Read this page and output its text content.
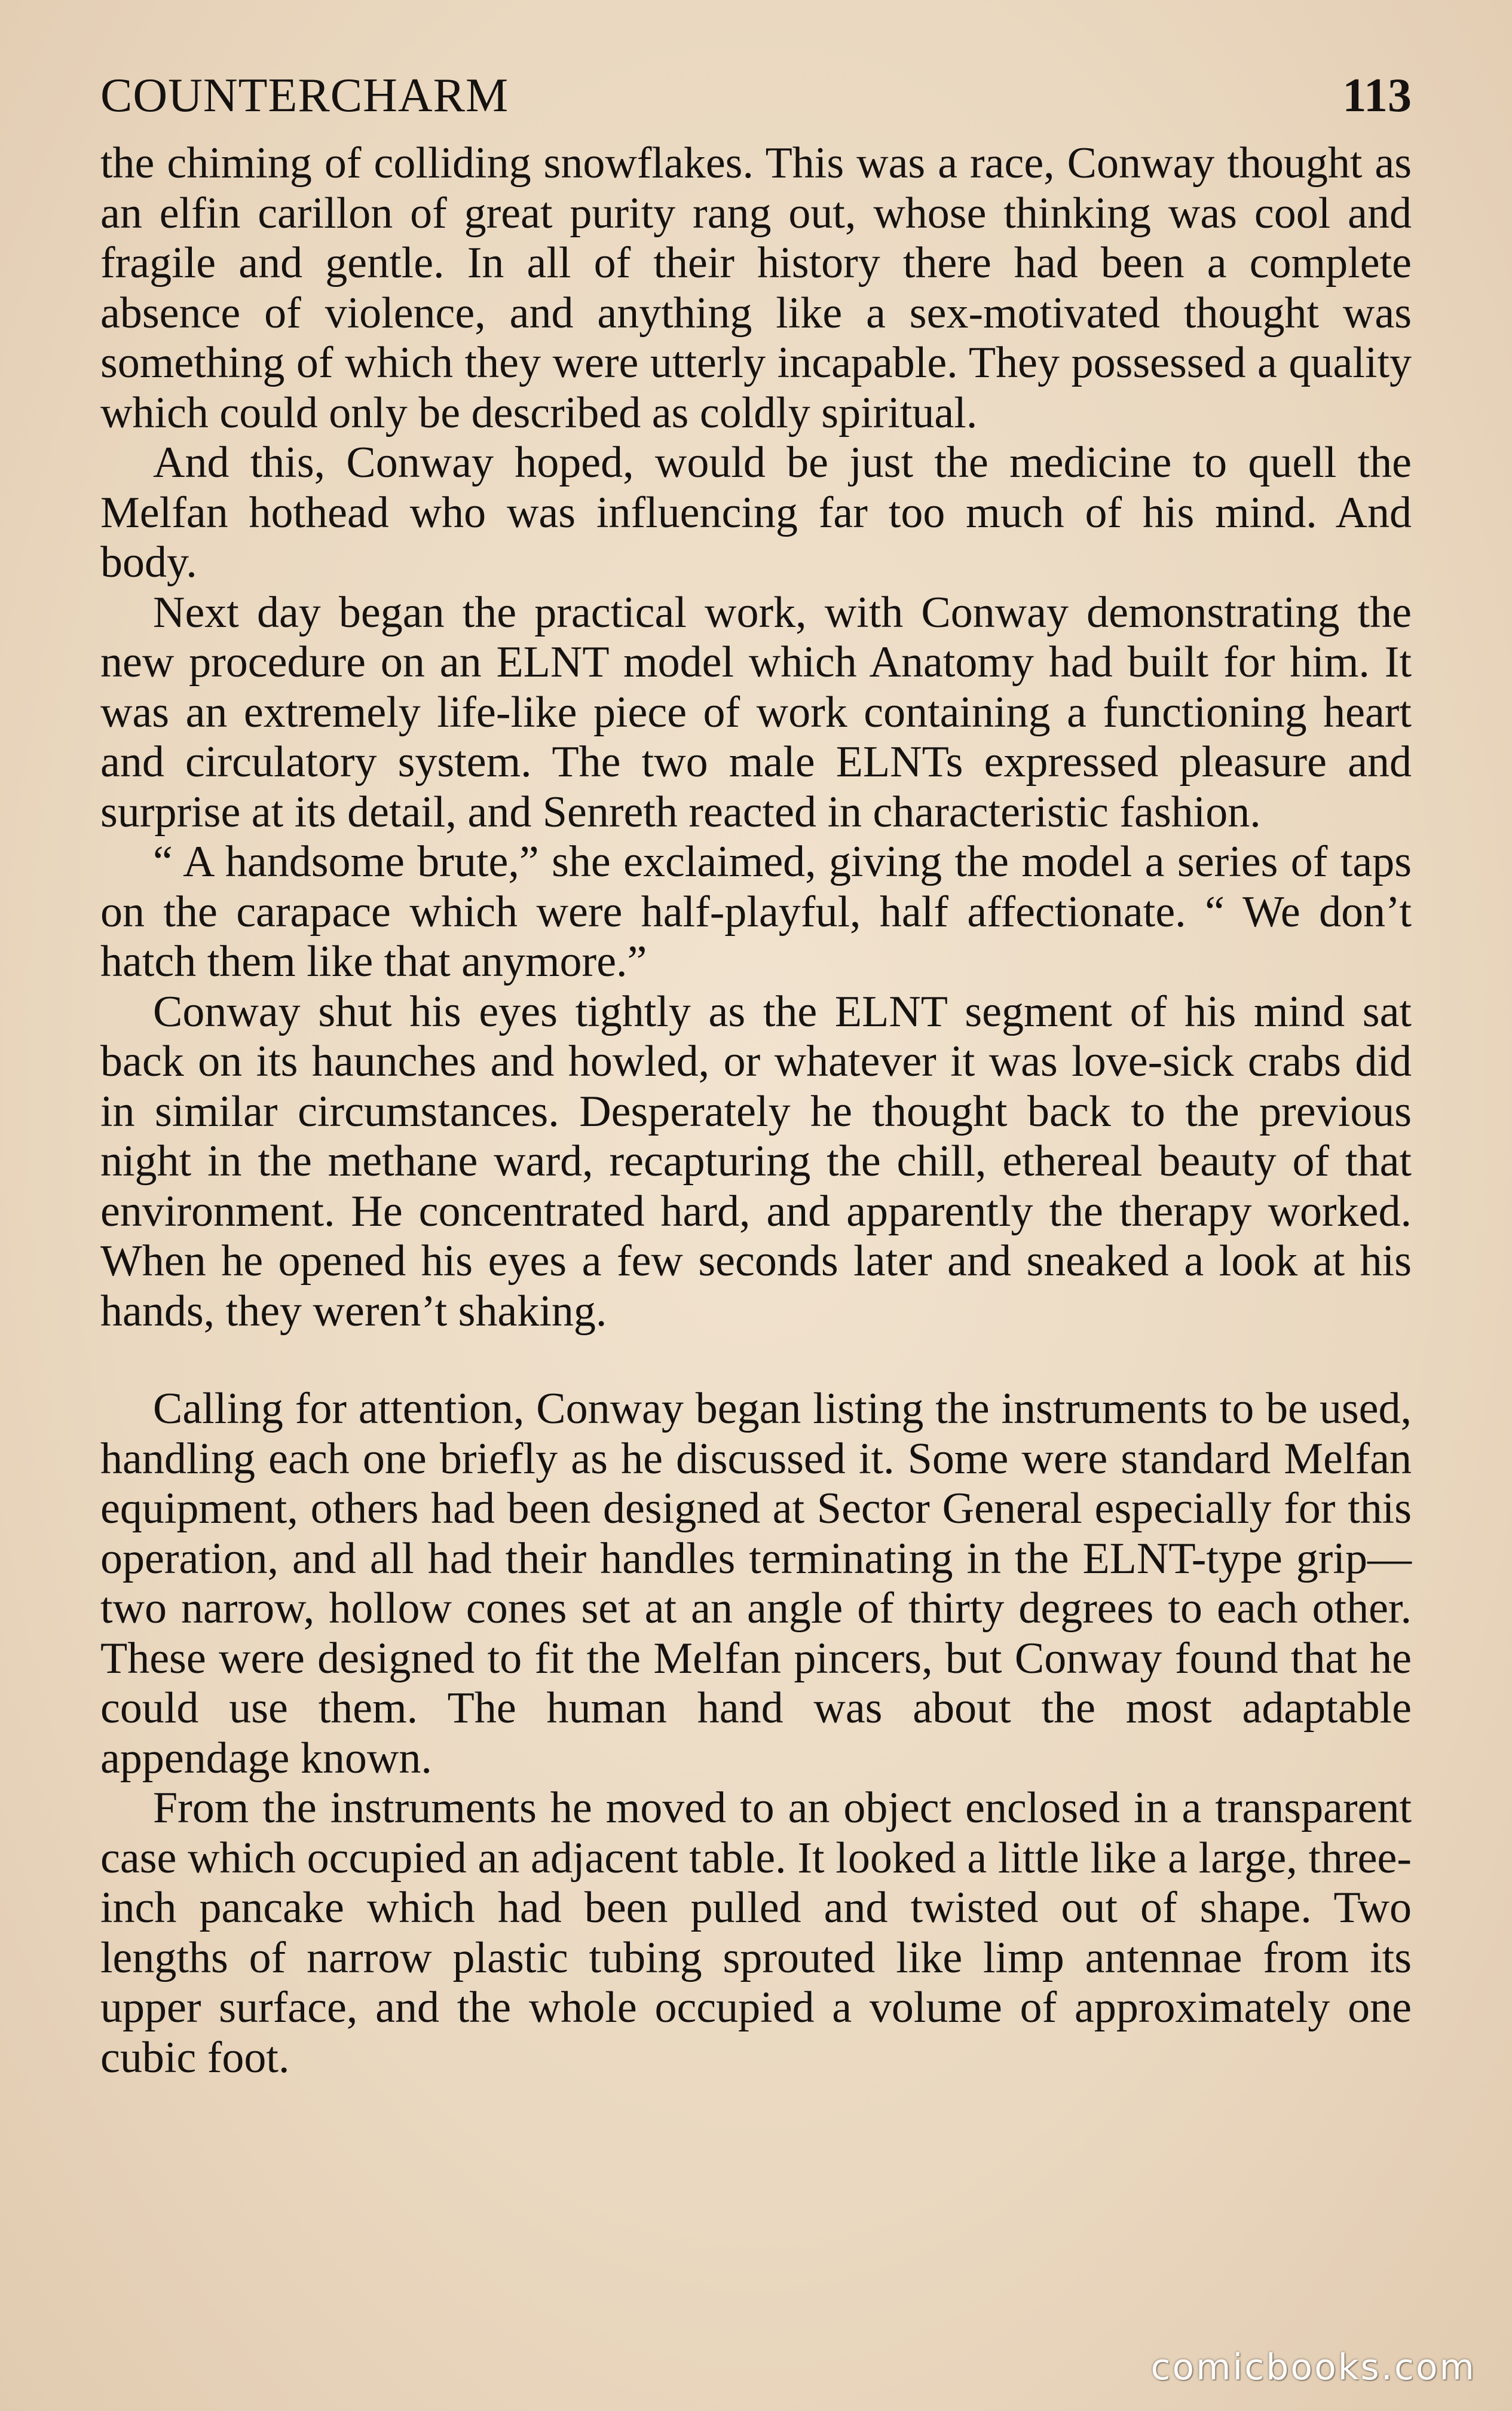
COUNTERCHARM	113

the chiming of colliding snowflakes. This was a race, Conway thought as an elfin carillon of great purity rang out, whose thinking was cool and fragile and gentle. In all of their history there had been a complete absence of violence, and anything like a sex-motivated thought was something of which they were utterly incapable. They possessed a quality which could only be described as coldly spiritual.

And this, Conway hoped, would be just the medicine to quell the Melfan hothead who was influencing far too much of his mind. And body.

Next day began the practical work, with Conway demonstrating the new procedure on an ELNT model which Anatomy had built for him. It was an extremely life-like piece of work containing a functioning heart and circulatory system. The two male ELNTs expressed pleasure and surprise at its detail, and Senreth reacted in characteristic fashion.

“ A handsome brute,” she exclaimed, giving the model a series of taps on the carapace which were half-playful, half affectionate. “ We don’t hatch them like that anymore.”

Conway shut his eyes tightly as the ELNT segment of his mind sat back on its haunches and howled, or whatever it was love-sick crabs did in similar circumstances. Desperately he thought back to the previous night in the methane ward, recapturing the chill, ethereal beauty of that environment. He concentrated hard, and apparently the therapy worked. When he opened his eyes a few seconds later and sneaked a look at his hands, they weren’t shaking.

Calling for attention, Conway began listing the instruments to be used, handling each one briefly as he discussed it. Some were standard Melfan equipment, others had been designed at Sector General especially for this operation, and all had their handles terminating in the ELNT-type grip—two narrow, hollow cones set at an angle of thirty degrees to each other. These were designed to fit the Melfan pincers, but Conway found that he could use them. The human hand was about the most adaptable appendage known.

From the instruments he moved to an object enclosed in a transparent case which occupied an adjacent table. It looked a little like a large, three-inch pancake which had been pulled and twisted out of shape. Two lengths of narrow plastic tubing sprouted like limp antennae from its upper surface, and the whole occupied a volume of approximately one cubic foot.

comicbooks.com
